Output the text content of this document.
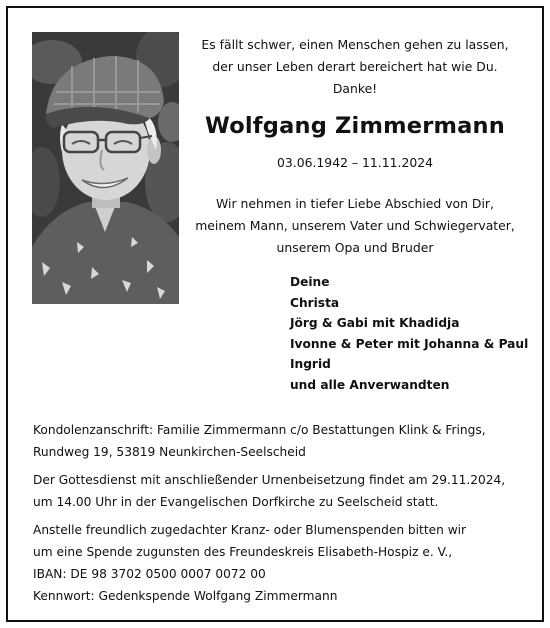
Es fällt schwer, einen Menschen gehen zu lassen,
der unser Leben derart bereichert hat wie Du.
Danke!
Wolfgang Zimmermann
03.06.1942 – 11.11.2024
Wir nehmen in tiefer Liebe Abschied von Dir,
meinem Mann, unserem Vater und Schwiegervater,
unserem Opa und Bruder
Deine
Christa
Jörg & Gabi mit Khadidja
Ivonne & Peter mit Johanna & Paul
Ingrid
und alle Anverwandten
Kondolenzanschrift: Familie Zimmermann c/o Bestattungen Klink & Frings,
Rundweg 19, 53819 Neunkirchen-Seelscheid
Der Gottesdienst mit anschließender Urnenbeisetzung findet am 29.11.2024,
um 14.00 Uhr in der Evangelischen Dorfkirche zu Seelscheid statt.
Anstelle freundlich zugedachter Kranz- oder Blumenspenden bitten wir
um eine Spende zugunsten des Freundeskreis Elisabeth-Hospiz e. V.,
IBAN: DE 98 3702 0500 0007 0072 00
Kennwort: Gedenkspende Wolfgang Zimmermann
